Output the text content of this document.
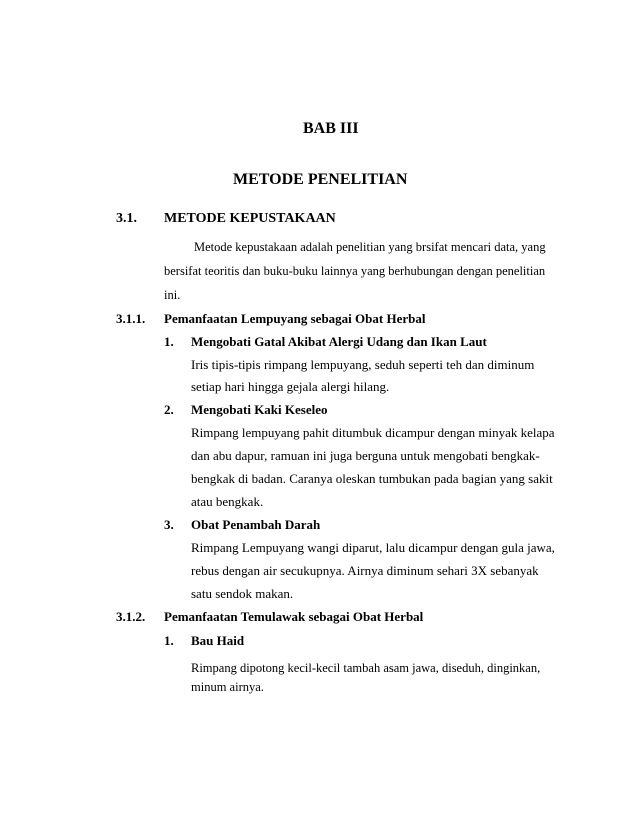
BAB III
METODE PENELITIAN
3.1. METODE KEPUSTAKAAN
Metode kepustakaan adalah penelitian yang brsifat mencari data, yang
bersifat teoritis dan buku-buku lainnya yang berhubungan dengan penelitian
ini.
3.1.1. Pemanfaatan Lempuyang sebagai Obat Herbal
1. Mengobati Gatal Akibat Alergi Udang dan Ikan Laut
Iris tipis-tipis rimpang lempuyang, seduh seperti teh dan diminum
setiap hari hingga gejala alergi hilang.
2. Mengobati Kaki Keseleo
Rimpang lempuyang pahit ditumbuk dicampur dengan minyak kelapa
dan abu dapur, ramuan ini juga berguna untuk mengobati bengkak-
bengkak di badan. Caranya oleskan tumbukan pada bagian yang sakit
atau bengkak.
3. Obat Penambah Darah
Rimpang Lempuyang wangi diparut, lalu dicampur dengan gula jawa,
rebus dengan air secukupnya. Airnya diminum sehari 3X sebanyak
satu sendok makan.
3.1.2. Pemanfaatan Temulawak sebagai Obat Herbal
1. Bau Haid
Rimpang dipotong kecil-kecil tambah asam jawa, diseduh, dinginkan,
minum airnya.
